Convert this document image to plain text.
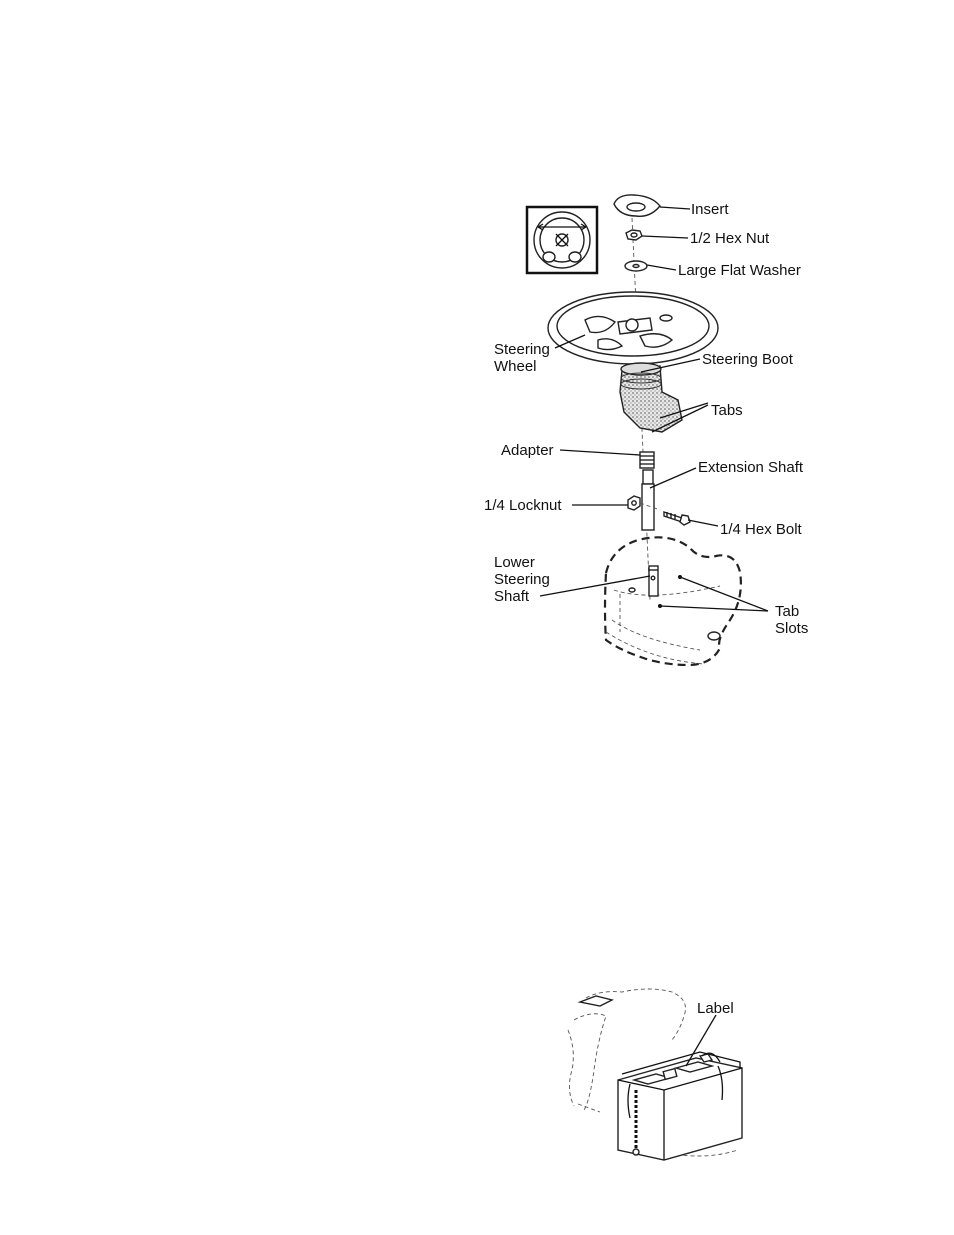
Insert
1/2 Hex Nut
Large Flat Washer
Steering
Wheel	Steering Boot
Tabs
Adapter
Extension Shaft
1/4 Locknut
1/4 Hex Bolt
Lower
Steering
Shaft
Tab
Slots
Label
